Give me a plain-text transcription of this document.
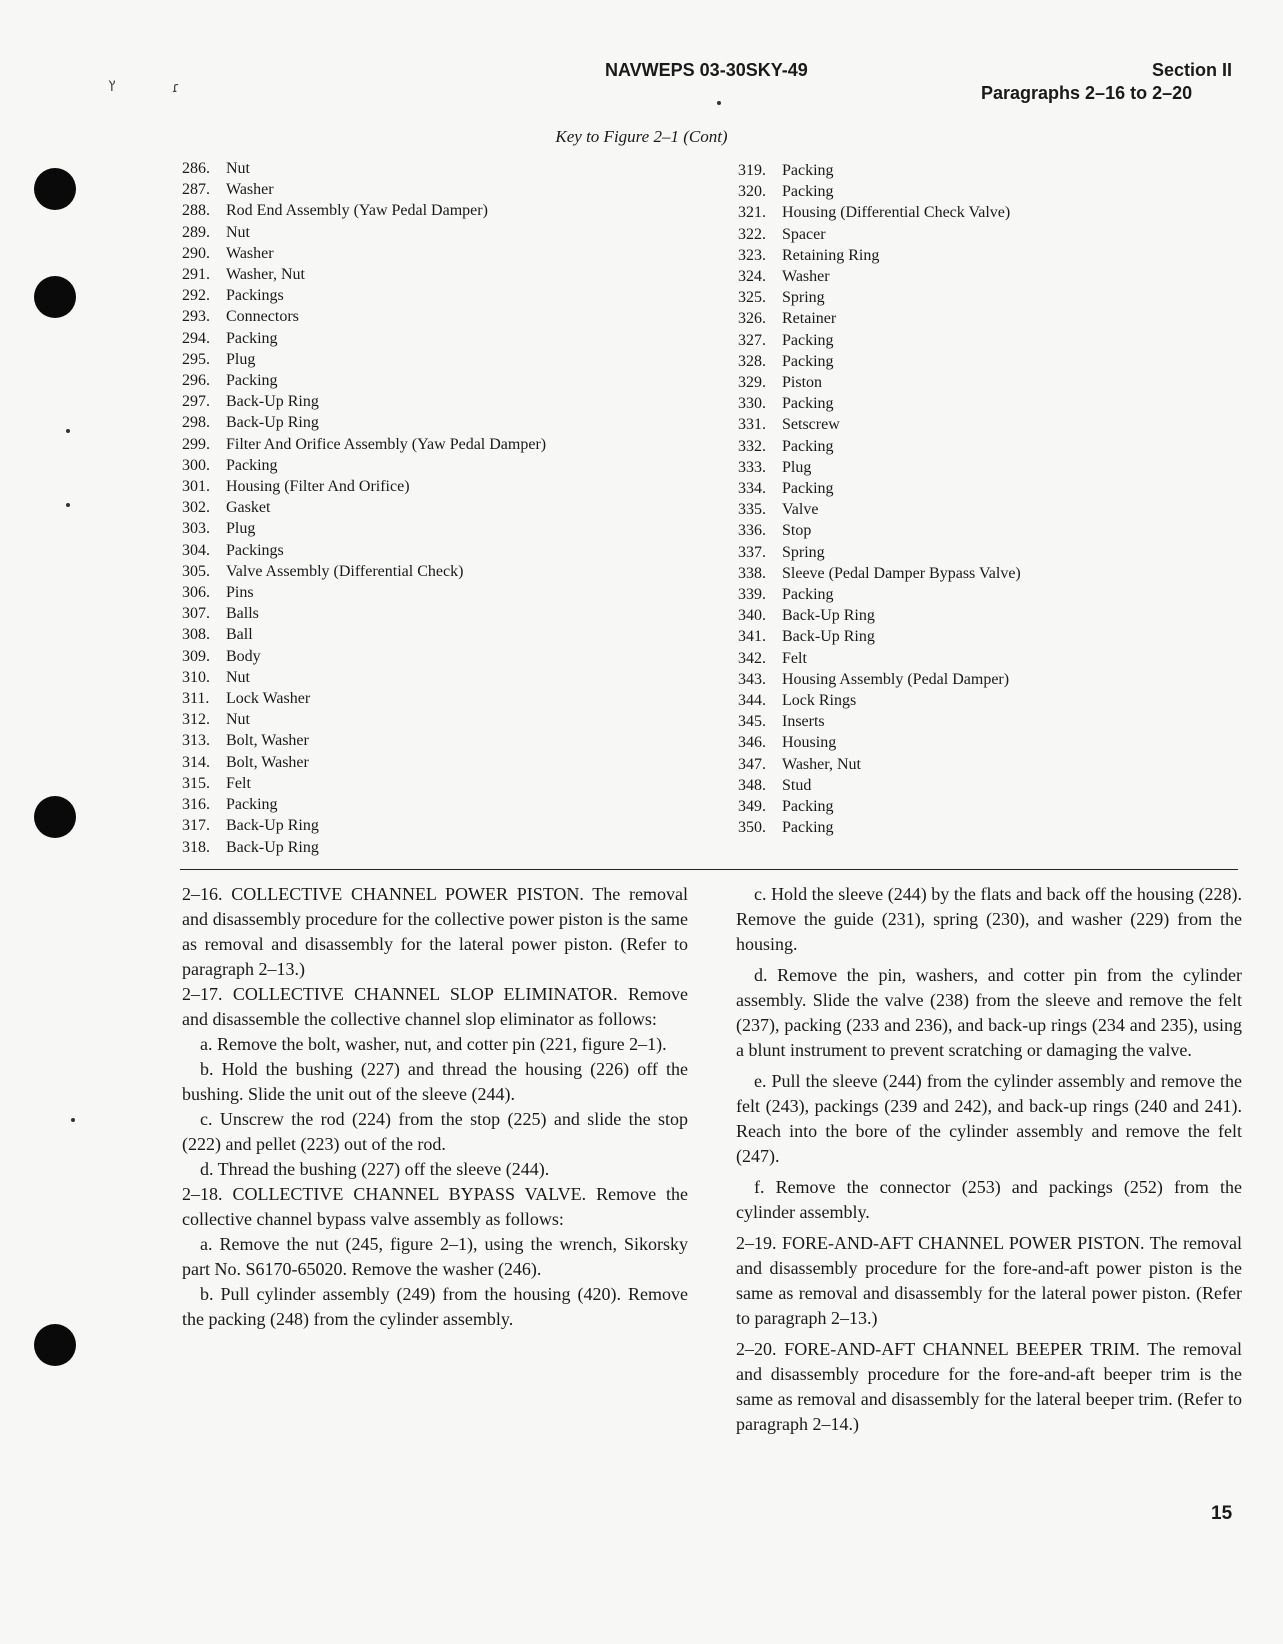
ץ	ɾ
NAVWEPS 03-30SKY-49	Section II
Paragraphs 2–16 to 2–20
Key to Figure 2–1 (Cont)
286. Nut
287. Washer
288. Rod End Assembly (Yaw Pedal Damper)
289. Nut
290. Washer
291. Washer, Nut
292. Packings
293. Connectors
294. Packing
295. Plug
296. Packing
297. Back-Up Ring
298. Back-Up Ring
299. Filter And Orifice Assembly (Yaw Pedal Damper)
300. Packing
301. Housing (Filter And Orifice)
302. Gasket
303. Plug
304. Packings
305. Valve Assembly (Differential Check)
306. Pins
307. Balls
308. Ball
309. Body
310. Nut
311. Lock Washer
312. Nut
313. Bolt, Washer
314. Bolt, Washer
315. Felt
316. Packing
317. Back-Up Ring
318. Back-Up Ring
319. Packing
320. Packing
321. Housing (Differential Check Valve)
322. Spacer
323. Retaining Ring
324. Washer
325. Spring
326. Retainer
327. Packing
328. Packing
329. Piston
330. Packing
331. Setscrew
332. Packing
333. Plug
334. Packing
335. Valve
336. Stop
337. Spring
338. Sleeve (Pedal Damper Bypass Valve)
339. Packing
340. Back-Up Ring
341. Back-Up Ring
342. Felt
343. Housing Assembly (Pedal Damper)
344. Lock Rings
345. Inserts
346. Housing
347. Washer, Nut
348. Stud
349. Packing
350. Packing

2–16. COLLECTIVE CHANNEL POWER PISTON. The removal and disassembly procedure for the collective power piston is the same as removal and disassembly for the lateral power piston. (Refer to paragraph 2–13.)

2–17. COLLECTIVE CHANNEL SLOP ELIMINATOR. Remove and disassemble the collective channel slop eliminator as follows:

a. Remove the bolt, washer, nut, and cotter pin (221, figure 2–1).

b. Hold the bushing (227) and thread the housing (226) off the bushing. Slide the unit out of the sleeve (244).

c. Unscrew the rod (224) from the stop (225) and slide the stop (222) and pellet (223) out of the rod.

d. Thread the bushing (227) off the sleeve (244).

2–18. COLLECTIVE CHANNEL BYPASS VALVE. Remove the collective channel bypass valve assembly as follows:

a. Remove the nut (245, figure 2–1), using the wrench, Sikorsky part No. S6170-65020. Remove the washer (246).

b. Pull cylinder assembly (249) from the housing (420). Remove the packing (248) from the cylinder assembly.

c. Hold the sleeve (244) by the flats and back off the housing (228). Remove the guide (231), spring (230), and washer (229) from the housing.

d. Remove the pin, washers, and cotter pin from the cylinder assembly. Slide the valve (238) from the sleeve and remove the felt (237), packing (233 and 236), and back-up rings (234 and 235), using a blunt instrument to prevent scratching or damaging the valve.

e. Pull the sleeve (244) from the cylinder assembly and remove the felt (243), packings (239 and 242), and back-up rings (240 and 241). Reach into the bore of the cylinder assembly and remove the felt (247).

f. Remove the connector (253) and packings (252) from the cylinder assembly.

2–19. FORE-AND-AFT CHANNEL POWER PISTON. The removal and disassembly procedure for the fore-and-aft power piston is the same as removal and disassembly for the lateral power piston. (Refer to paragraph 2–13.)

2–20. FORE-AND-AFT CHANNEL BEEPER TRIM. The removal and disassembly procedure for the fore-and-aft beeper trim is the same as removal and disassembly for the lateral beeper trim. (Refer to paragraph 2–14.)

15
